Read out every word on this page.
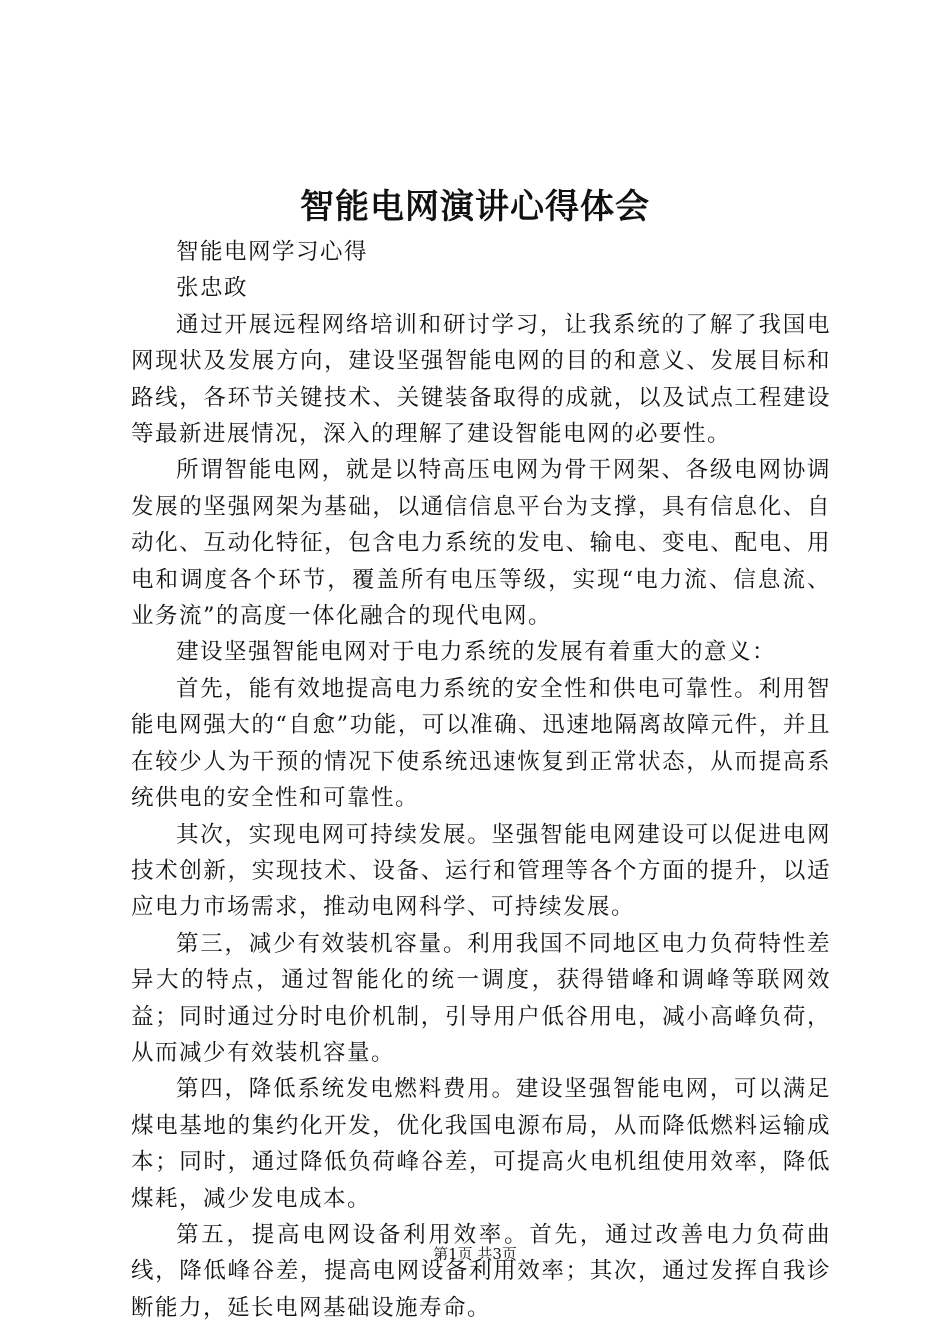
智能电网演讲心得体会

智能电网学习心得

张忠政

通过开展远程网络培训和研讨学习，让我系统的了解了我国电网现状及发展方向，建设坚强智能电网的目的和意义、发展目标和路线，各环节关键技术、关键装备取得的成就，以及试点工程建设等最新进展情况，深入的理解了建设智能电网的必要性。

所谓智能电网，就是以特高压电网为骨干网架、各级电网协调发展的坚强网架为基础，以通信信息平台为支撑，具有信息化、自动化、互动化特征，包含电力系统的发电、输电、变电、配电、用电和调度各个环节，覆盖所有电压等级，实现“电力流、信息流、业务流”的高度一体化融合的现代电网。

建设坚强智能电网对于电力系统的发展有着重大的意义：

首先，能有效地提高电力系统的安全性和供电可靠性。利用智能电网强大的“自愈”功能，可以准确、迅速地隔离故障元件，并且在较少人为干预的情况下使系统迅速恢复到正常状态，从而提高系统供电的安全性和可靠性。

其次，实现电网可持续发展。坚强智能电网建设可以促进电网技术创新，实现技术、设备、运行和管理等各个方面的提升，以适应电力市场需求，推动电网科学、可持续发展。

第三，减少有效装机容量。利用我国不同地区电力负荷特性差异大的特点，通过智能化的统一调度，获得错峰和调峰等联网效益；同时通过分时电价机制，引导用户低谷用电，减小高峰负荷，从而减少有效装机容量。

第四，降低系统发电燃料费用。建设坚强智能电网，可以满足煤电基地的集约化开发，优化我国电源布局，从而降低燃料运输成本；同时，通过降低负荷峰谷差，可提高火电机组使用效率，降低煤耗，减少发电成本。

第五，提高电网设备利用效率。首先，通过改善电力负荷曲线，降低峰谷差，提高电网设备利用效率；其次，通过发挥自我诊断能力，延长电网基础设施寿命。

第1页 共3页
